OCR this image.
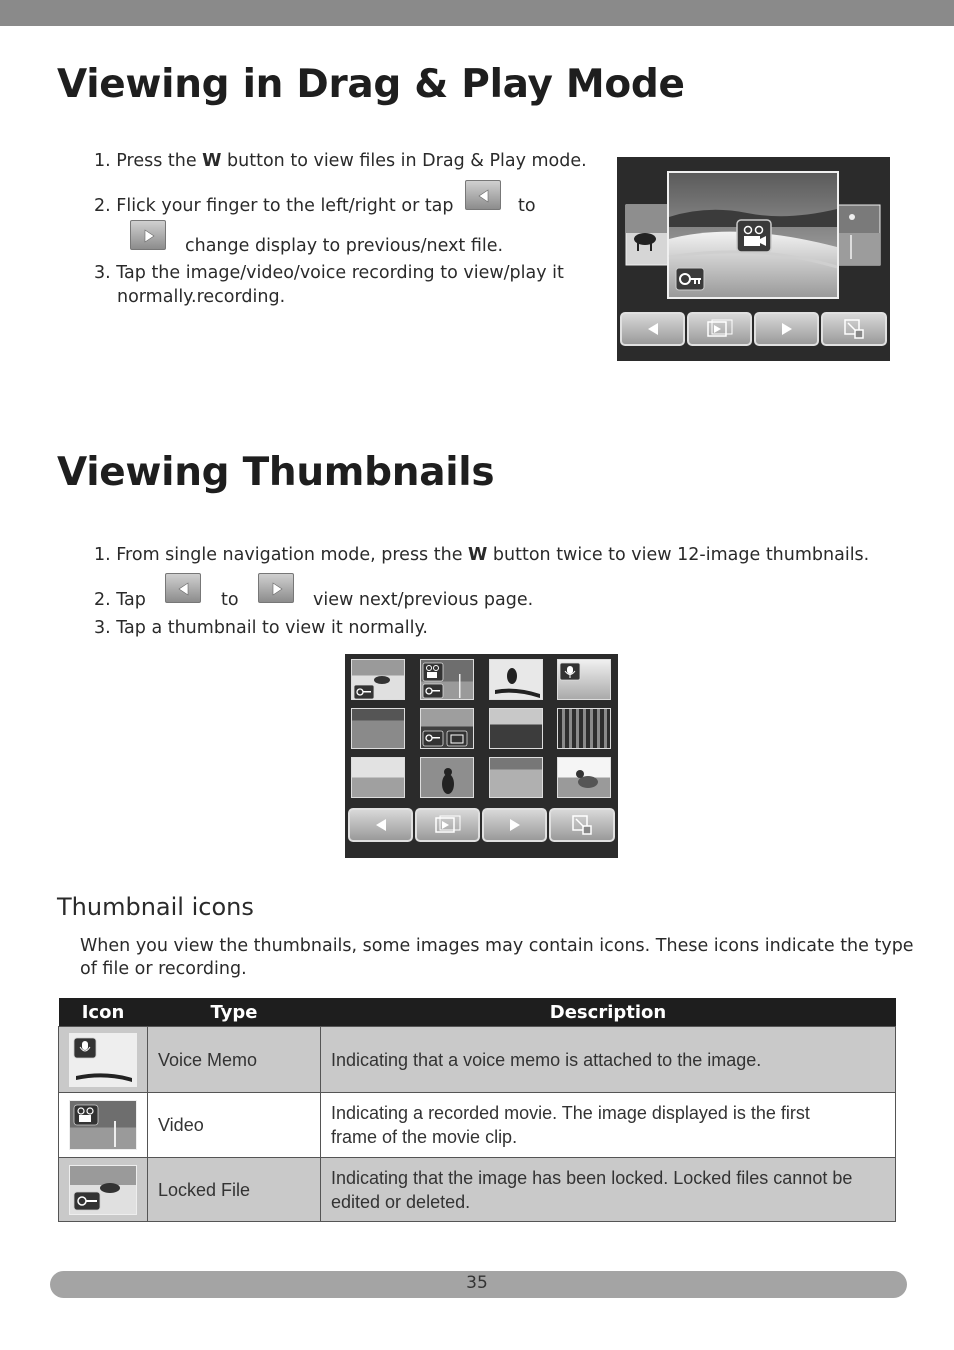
Viewing in Drag & Play Mode

1. Press the W button to view files in Drag & Play mode.

2. Flick your finger to the left/right or tap	to

change display to previous/next file.

3. Tap the image/video/voice recording to view/play it

normally.recording.

Viewing Thumbnails

1. From single navigation mode, press the W button twice to view 12-image thumbnails.

2. Tap	to	view next/previous page.

3. Tap a thumbnail to view it normally.

Thumbnail icons
When you view the thumbnails, some images may contain icons. These icons indicate the type
of file or recording.
Icon	Type	Description
	Voice Memo	Indicating that a voice memo is attached to the image.

	Video	Indicating a recorded movie. The image displayed is the first
frame of the movie clip.

	Locked File	Indicating that the image has been locked. Locked files cannot be
edited or deleted.
35
